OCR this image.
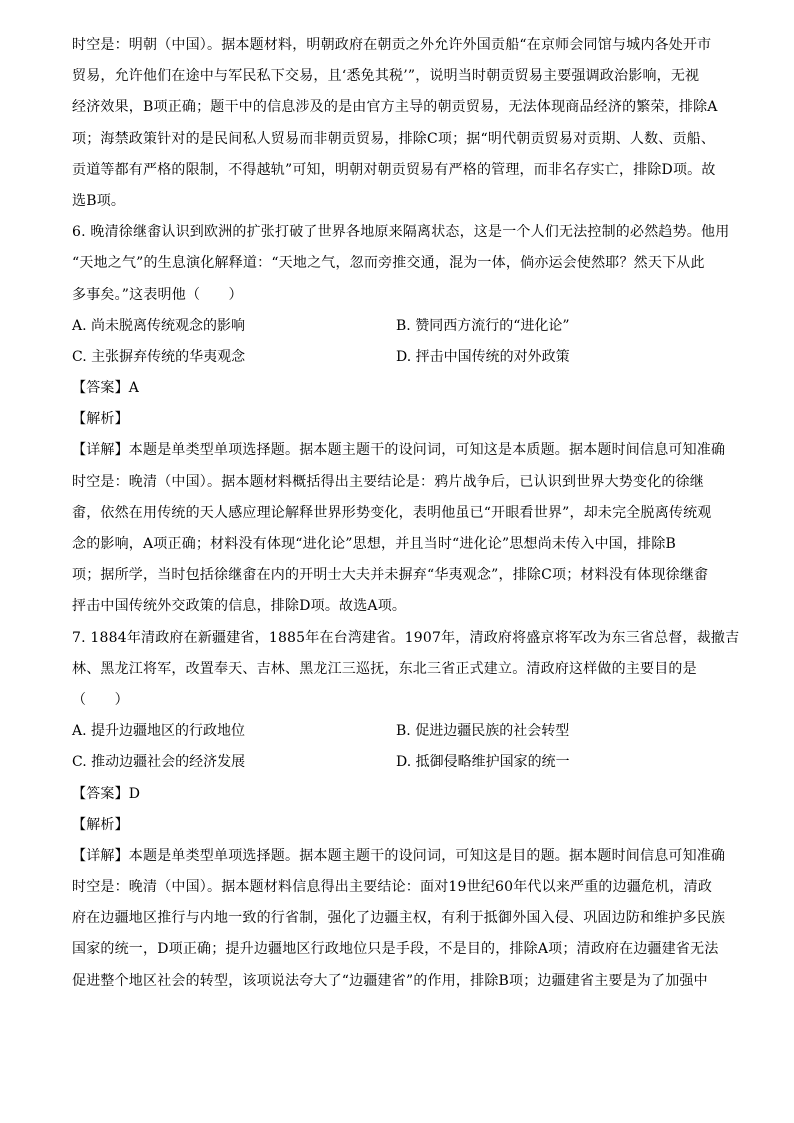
时空是：明朝（中国）。据本题材料，明朝政府在朝贡之外允许外国贡船“在京师会同馆与城内各处开市
贸易，允许他们在途中与军民私下交易，且‘悉免其税’”，说明当时朝贡贸易主要强调政治影响，无视
经济效果，B项正确；题干中的信息涉及的是由官方主导的朝贡贸易，无法体现商品经济的繁荣，排除A
项；海禁政策针对的是民间私人贸易而非朝贡贸易，排除C项；据“明代朝贡贸易对贡期、人数、贡船、
贡道等都有严格的限制，不得越轨”可知，明朝对朝贡贸易有严格的管理，而非名存实亡，排除D项。故
选B项。
6. 晚清徐继畬认识到欧洲的扩张打破了世界各地原来隔离状态，这是一个人们无法控制的必然趋势。他用
“天地之气”的生息演化解释道：“天地之气，忽而旁推交通，混为一体，倘亦运会使然耶？然天下从此
多事矣。”这表明他（　　）
A. 尚未脱离传统观念的影响	B. 赞同西方流行的“进化论”
C. 主张摒弃传统的华夷观念	D. 抨击中国传统的对外政策
【答案】A
【解析】
【详解】本题是单类型单项选择题。据本题主题干的设问词，可知这是本质题。据本题时间信息可知准确
时空是：晚清（中国）。据本题材料概括得出主要结论是：鸦片战争后，已认识到世界大势变化的徐继
畬，依然在用传统的天人感应理论解释世界形势变化，表明他虽已“开眼看世界”，却未完全脱离传统观
念的影响，A项正确；材料没有体现“进化论”思想，并且当时“进化论”思想尚未传入中国，排除B
项；据所学，当时包括徐继畬在内的开明士大夫并未摒弃“华夷观念”，排除C项；材料没有体现徐继畬
抨击中国传统外交政策的信息，排除D项。故选A项。
7. 1884年清政府在新疆建省，1885年在台湾建省。1907年，清政府将盛京将军改为东三省总督，裁撤吉
林、黑龙江将军，改置奉天、吉林、黑龙江三巡抚，东北三省正式建立。清政府这样做的主要目的是
（　　）
A. 提升边疆地区的行政地位	B. 促进边疆民族的社会转型
C. 推动边疆社会的经济发展	D. 抵御侵略维护国家的统一
【答案】D
【解析】
【详解】本题是单类型单项选择题。据本题主题干的设问词，可知这是目的题。据本题时间信息可知准确
时空是：晚清（中国）。据本题材料信息得出主要结论：面对19世纪60年代以来严重的边疆危机，清政
府在边疆地区推行与内地一致的行省制，强化了边疆主权，有利于抵御外国入侵、巩固边防和维护多民族
国家的统一，D项正确；提升边疆地区行政地位只是手段，不是目的，排除A项；清政府在边疆建省无法
促进整个地区社会的转型，该项说法夸大了“边疆建省”的作用，排除B项；边疆建省主要是为了加强中
